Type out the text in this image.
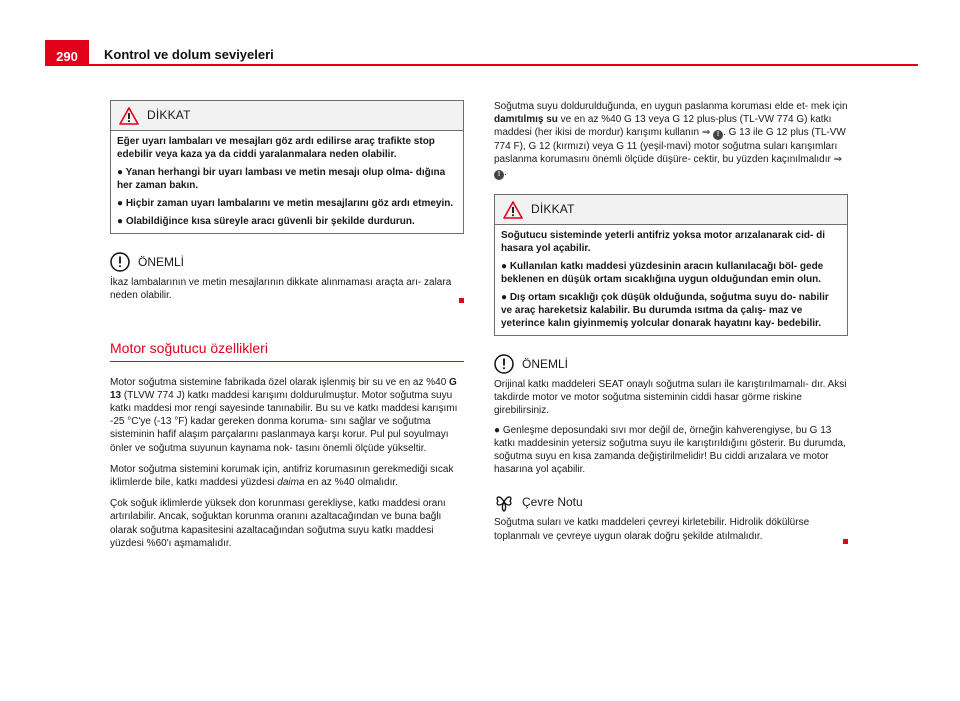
290	Kontrol ve dolum seviyeleri
DİKKAT

Eğer uyarı lambaları ve mesajları göz ardı edilirse araç trafikte stop edebilir veya kaza ya da ciddi yaralanmalara neden olabilir.

● Yanan herhangi bir uyarı lambası ve metin mesajı olup olma- dığına her zaman bakın.

● Hiçbir zaman uyarı lambalarını ve metin mesajlarını göz ardı etmeyin.

● Olabildiğince kısa süreyle aracı güvenli bir şekilde durdurun.

ÖNEMLİ
İkaz lambalarının ve metin mesajlarının dikkate alınmaması araçta arı- zalara neden olabilir.
Motor soğutucu özellikleri

Motor soğutma sistemine fabrikada özel olarak işlenmiş bir su ve en az %40 G 13 (TLVW 774 J) katkı maddesi karışımı doldurulmuştur. Motor soğutma suyu katkı maddesi mor rengi sayesinde tanınabilir. Bu su ve katkı maddesi karışımı -25 °C'ye (-13 °F) kadar gereken donma koruma- sını sağlar ve soğutma sisteminin hafif alaşım parçalarını paslanmaya karşı korur. Pul pul soyulmayı önler ve soğutma suyunun kaynama nok- tasını önemli ölçüde yükseltir.

Motor soğutma sistemini korumak için, antifriz korumasının gerekmediği sıcak iklimlerde bile, katkı maddesi yüzdesi daima en az %40 olmalıdır.

Çok soğuk iklimlerde yüksek don korunması gerekliyse, katkı maddesi oranı artırılabilir. Ancak, soğuktan korunma oranını azaltacağından ve buna bağlı olarak soğutma kapasitesini azaltacağından soğutma suyu katkı maddesi yüzdesi %60'ı aşmamalıdır.

Soğutma suyu doldurulduğunda, en uygun paslanma koruması elde et- mek için damıtılmış su ve en az %40 G 13 veya G 12 plus-plus (TL-VW 774 G) katkı maddesi (her ikisi de mordur) karışımı kullanın ⇒ ! . G 13 ile G 12 plus (TL-VW 774 F), G 12 (kırmızı) veya G 11 (yeşil-mavi) motor soğutma suları karışımları paslanma korumasını önemli ölçüde düşüre- cektir, bu yüzden kaçınılmalıdır ⇒ ! .
DİKKAT

Soğutucu sisteminde yeterli antifriz yoksa motor arızalanarak cid- di hasara yol açabilir.

● Kullanılan katkı maddesi yüzdesinin aracın kullanılacağı böl- gede beklenen en düşük ortam sıcaklığına uygun olduğundan emin olun.

● Dış ortam sıcaklığı çok düşük olduğunda, soğutma suyu do- nabilir ve araç hareketsiz kalabilir. Bu durumda ısıtma da çalış- maz ve yeterince kalın giyinmemiş yolcular donarak hayatını kay- bedebilir.

ÖNEMLİ

Orijinal katkı maddeleri SEAT onaylı soğutma suları ile karıştırılmamalı- dır. Aksi takdirde motor ve motor soğutma sisteminin ciddi hasar görme riskine girebilirsiniz.

● Genleşme deposundaki sıvı mor değil de, örneğin kahverengiyse, bu G 13 katkı maddesinin yetersiz soğutma suyu ile karıştırıldığını gösterir. Bu durumda, soğutma suyu en kısa zamanda değiştirilmelidir! Bu ciddi arızalara ve motor hasarına yol açabilir.

Çevre Notu
Soğutma suları ve katkı maddeleri çevreyi kirletebilir. Hidrolik dökülürse toplanmalı ve çevreye uygun olarak doğru şekilde atılmalıdır.
